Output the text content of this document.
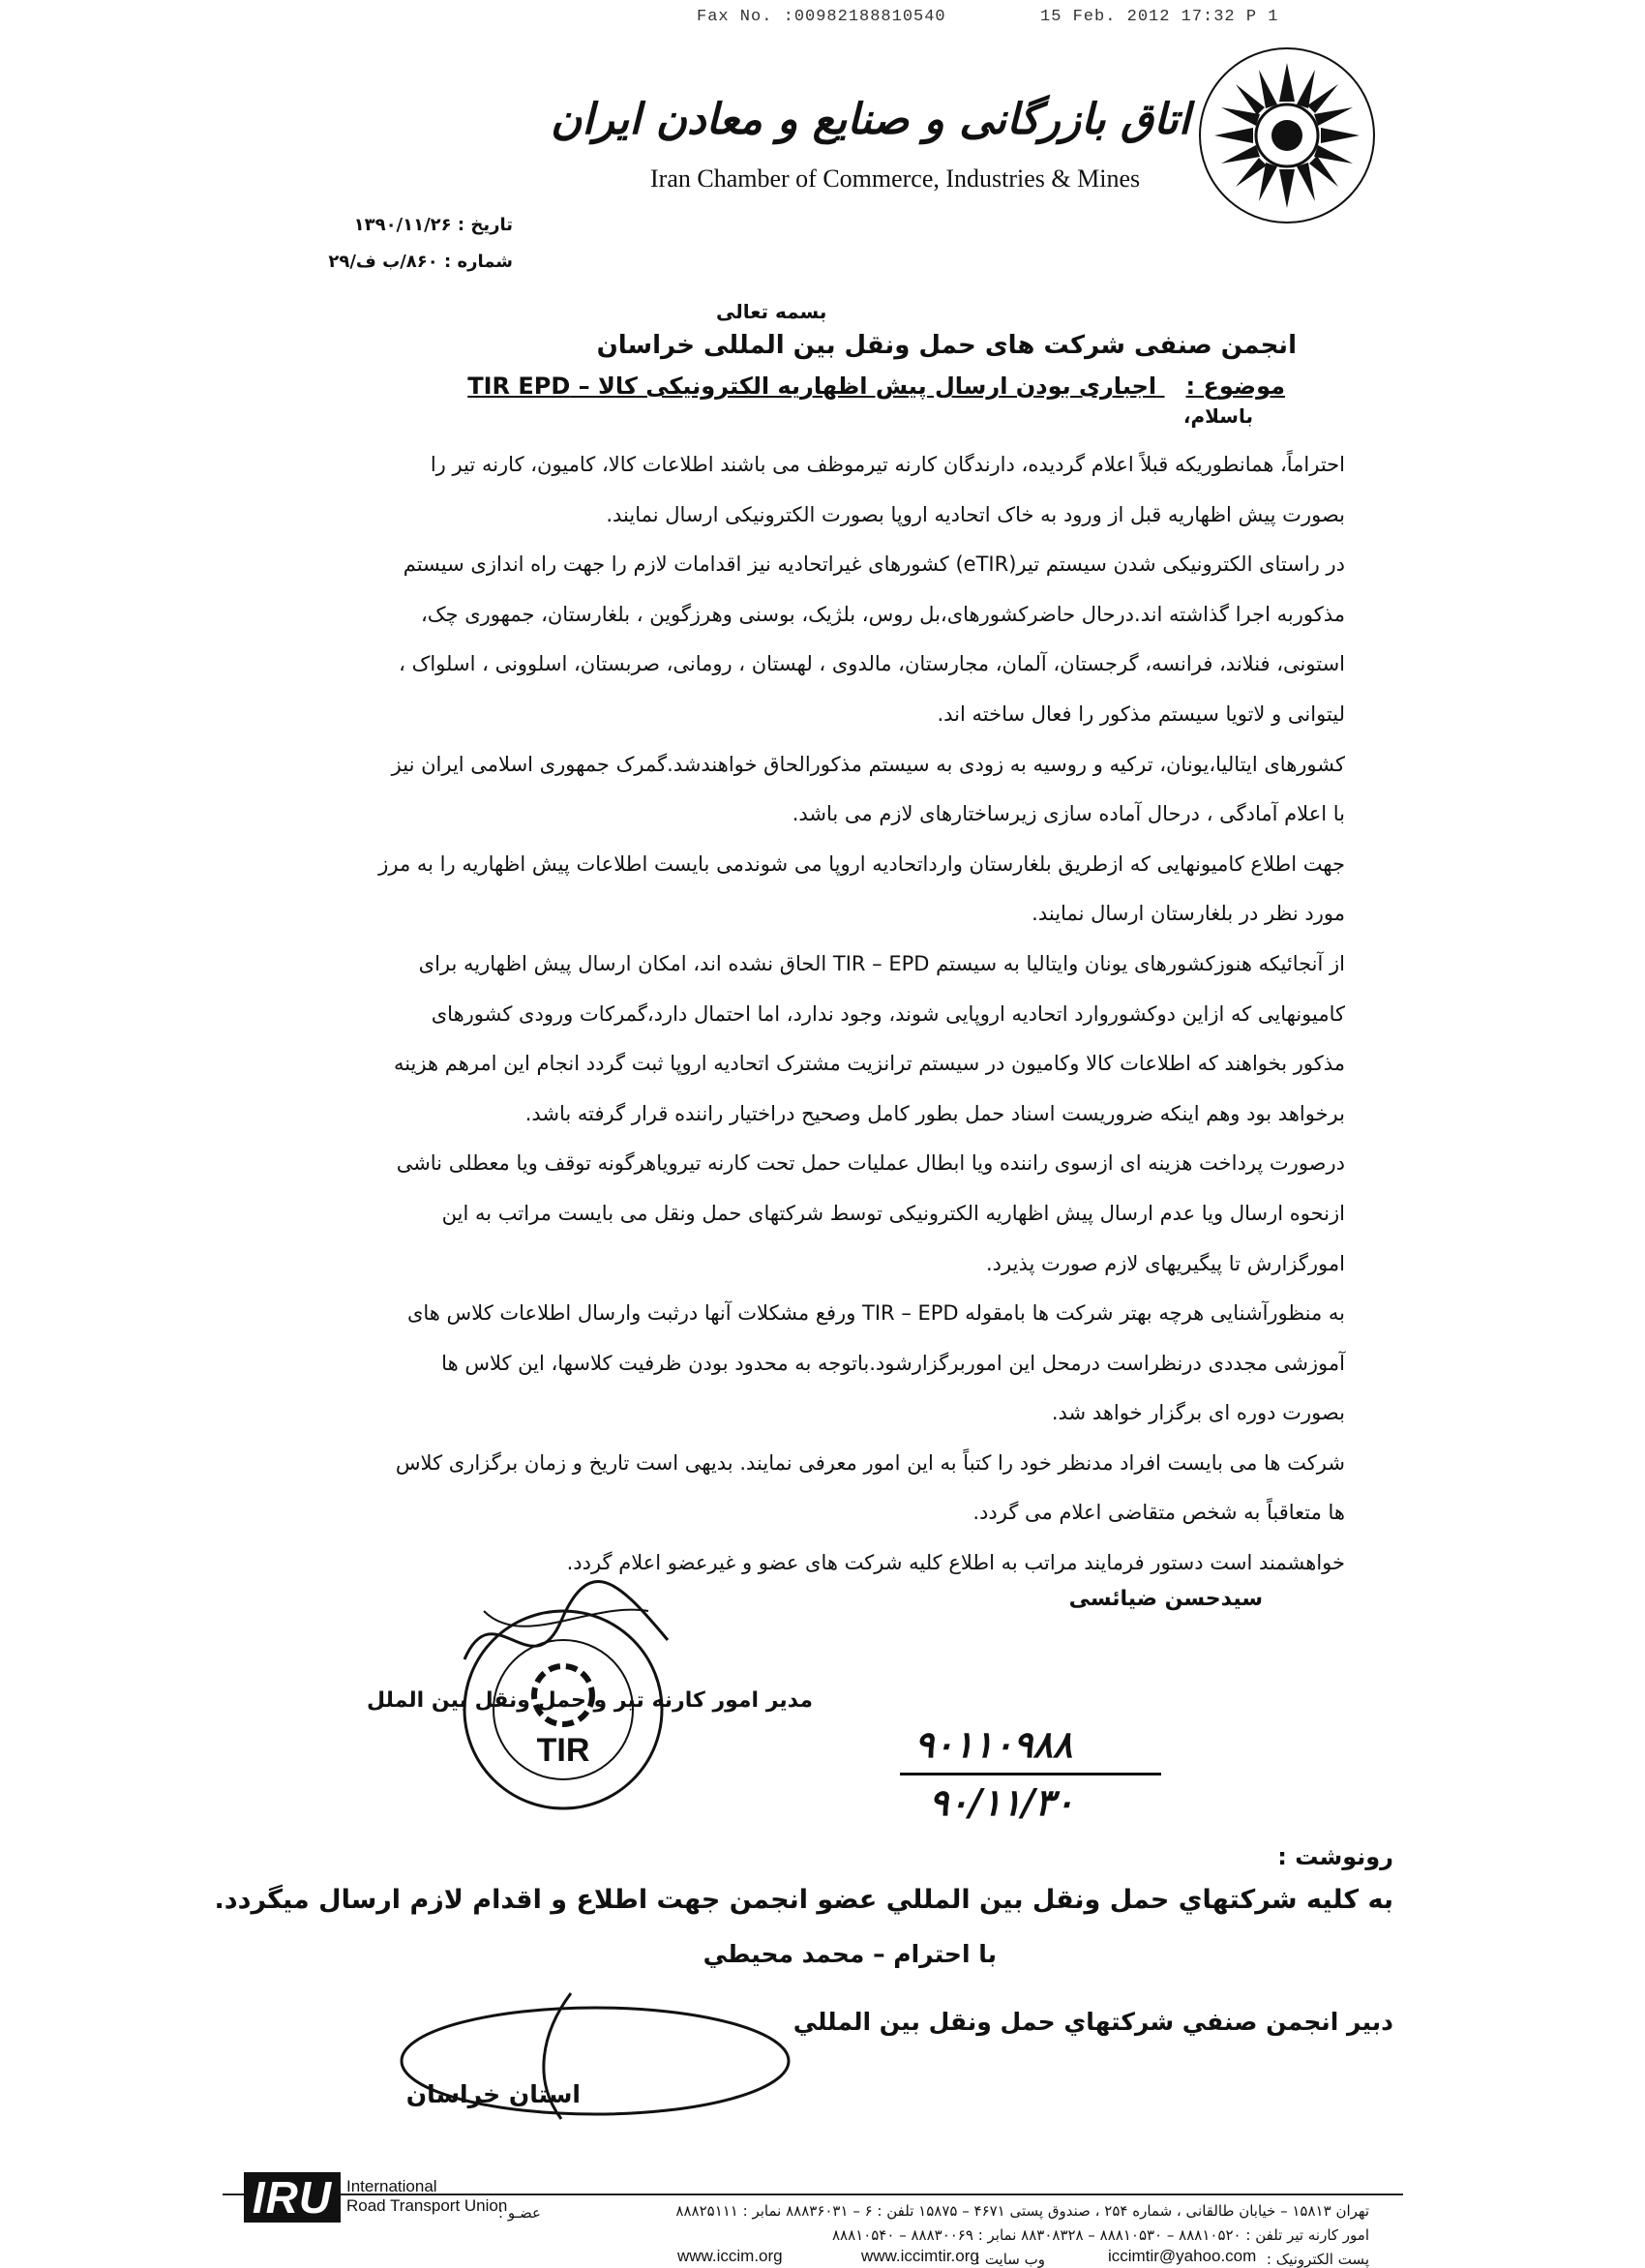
Fax No. :00982188810540	15 Feb. 2012 17:32 P 1
اتاق بازرگانی و صنایع و معادن ایران
Iran Chamber of Commerce, Industries & Mines
تاریخ : ۱۳۹۰/۱۱/۲۶
شماره : ۸۶۰/ب ف/۲۹
بسمه تعالی
انجمن صنفی شرکت های حمل ونقل بین المللی خراسان
موضوع : اجباری بودن ارسال پیش اظهاریه الکترونیکی کالا – TIR EPD
باسلام،

احتراماً، همانطوریکه قبلاً اعلام گردیده، دارندگان کارنه تیرموظف می باشند اطلاعات کالا، کامیون، کارنه تیر را بصورت پیش اظهاریه قبل از ورود به خاک اتحادیه اروپا بصورت الکترونیکی ارسال نمایند.

در راستای الکترونیکی شدن سیستم تیر(eTIR) کشورهای غیراتحادیه نیز اقدامات لازم را جهت راه اندازی سیستم مذکوربه اجرا گذاشته اند.درحال حاضرکشورهای،بل روس، بلژیک، بوسنی وهرزگوین ، بلغارستان، جمهوری چک، استونی، فنلاند، فرانسه، گرجستان، آلمان، مجارستان، مالدوی ، لهستان ، رومانی، صربستان، اسلوونی ، اسلواک ، لیتوانی و لاتویا سیستم مذکور را فعال ساخته اند.

کشورهای ایتالیا،یونان، ترکیه و روسیه به زودی به سیستم مذکورالحاق خواهندشد.گمرک جمهوری اسلامی ایران نیز با اعلام آمادگی ، درحال آماده سازی زیرساختارهای لازم می باشد.

جهت اطلاع کامیونهایی که ازطریق بلغارستان وارداتحادیه اروپا می شوندمی بایست اطلاعات پیش اظهاریه را به مرز مورد نظر در بلغارستان ارسال نمایند.

از آنجائیکه هنوزکشورهای یونان وایتالیا به سیستم TIR – EPD الحاق نشده اند، امکان ارسال پیش اظهاریه برای کامیونهایی که ازاین دوکشوروارد اتحادیه اروپایی شوند، وجود ندارد، اما احتمال دارد،گمرکات ورودی کشورهای مذکور بخواهند که اطلاعات کالا وکامیون در سیستم ترانزیت مشترک اتحادیه اروپا ثبت گردد انجام این امرهم هزینه برخواهد بود وهم اینکه ضروریست اسناد حمل بطور کامل وصحیح دراختیار راننده قرار گرفته باشد.

درصورت پرداخت هزینه ای ازسوی راننده ویا ابطال عملیات حمل تحت کارنه تیرویاهرگونه توقف ویا معطلی ناشی ازنحوه ارسال ویا عدم ارسال پیش اظهاریه الکترونیکی توسط شرکتهای حمل ونقل می بایست مراتب به این امورگزارش تا پیگیریهای لازم صورت پذیرد.

به منظورآشنایی هرچه بهتر شرکت ها بامقوله TIR – EPD ورفع مشکلات آنها درثبت وارسال اطلاعات کلاس های آموزشی مجددی درنظراست درمحل این اموربرگزارشود.باتوجه به محدود بودن ظرفیت کلاسها، این کلاس ها بصورت دوره ای برگزار خواهد شد.

شرکت ها می بایست افراد مدنظر خود را کتباً به این امور معرفی نمایند. بدیهی است تاریخ و زمان برگزاری کلاس ها متعاقباً به شخص متقاضی اعلام می گردد.

خواهشمند است دستور فرمایند مراتب به اطلاع کلیه شرکت های عضو و غیرعضو اعلام گردد.

سیدحسن ضیائسی
مدیر امور کارنه تیر و حمل ونقل بین الملل
TIR	۹۰۱۱۰۹۸۸
۹۰/۱۱/۳۰
رونوشت :
به کلیه شرکتهاي حمل ونقل بین المللي عضو انجمن جهت اطلاع و اقدام لازم ارسال میگردد.
با احترام – محمد محیطي
دبیر انجمن صنفي شرکتهاي حمل ونقل بین المللي
استان خراسان
تهران ۱۵۸۱۳ – خیابان طالقانی ، شماره ۲۵۴ ، صندوق پستی ۴۶۷۱ – ۱۵۸۷۵ تلفن : ۶ – ۸۸۸۳۶۰۳۱ نمابر : ۸۸۸۲۵۱۱۱
امور کارنه تیر تلفن : ۸۸۸۱۰۵۲۰ – ۸۸۸۱۰۵۳۰ – ۸۸۳۰۸۳۲۸ نمابر : ۸۸۸۳۰۰۶۹ – ۸۸۸۱۰۵۴۰
پست الکترونیک :
iccimtir@yahoo.com
وب سایت :
www.iccimtir.org
www.iccim.org
عضـو :
IRU International
Road Transport Union
